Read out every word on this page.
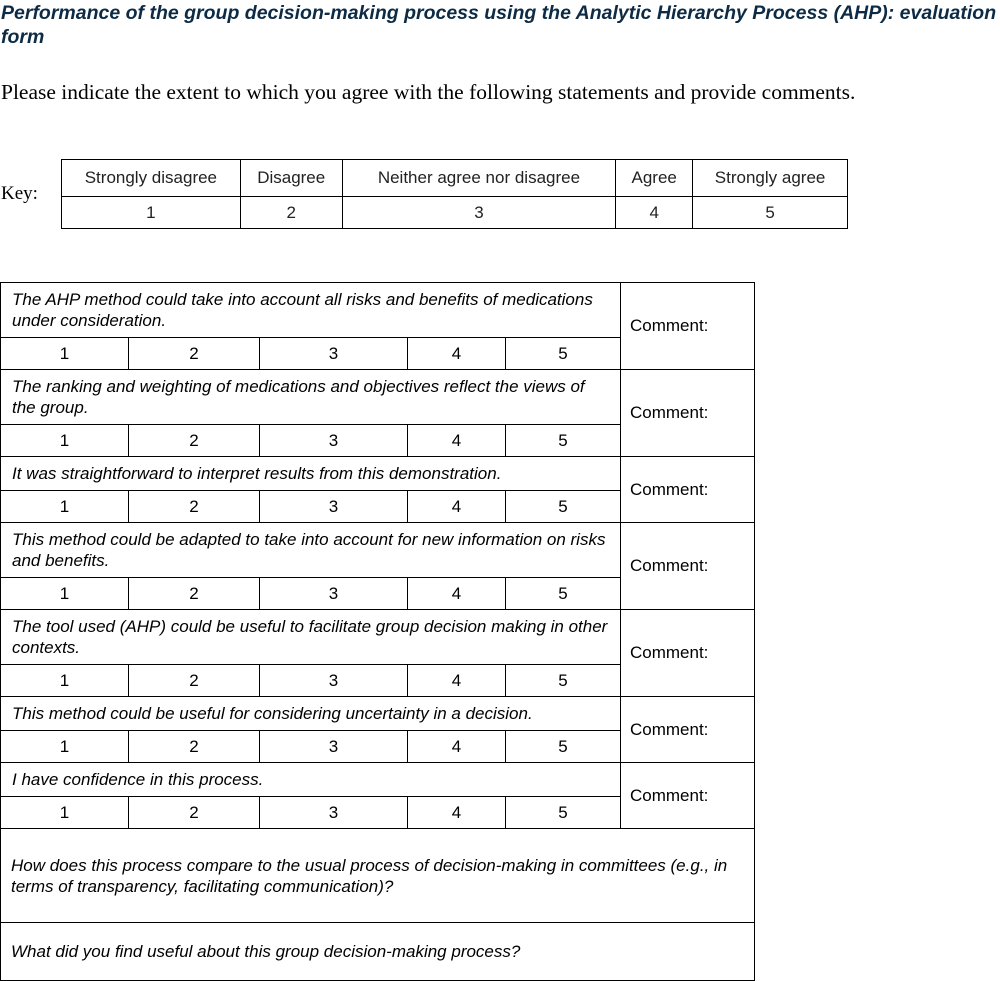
Performance of the group decision-making process using the Analytic Hierarchy Process (AHP): evaluation form

Please indicate the extent to which you agree with the following statements and provide comments.

Key:

Strongly disagree	Disagree	Neither agree nor disagree	Agree	Strongly agree
1	2	3	4	5
The AHP method could take into account all risks and benefits of medications under consideration.					Comment:
1	2	3	4	5	
The ranking and weighting of medications and objectives reflect the views of the group.					Comment:
1	2	3	4	5	
It was straightforward to interpret results from this demonstration.					Comment:
1	2	3	4	5	
This method could be adapted to take into account for new information on risks and benefits.					Comment:
1	2	3	4	5	
The tool used (AHP) could be useful to facilitate group decision making in other contexts.					Comment:
1	2	3	4	5	
This method could be useful for considering uncertainty in a decision.					Comment:
1	2	3	4	5	
I have confidence in this process.					Comment:
1	2	3	4	5	
How does this process compare to the usual process of decision-making in committees (e.g., in terms of transparency, facilitating communication)?					
What did you find useful about this group decision-making process?					
